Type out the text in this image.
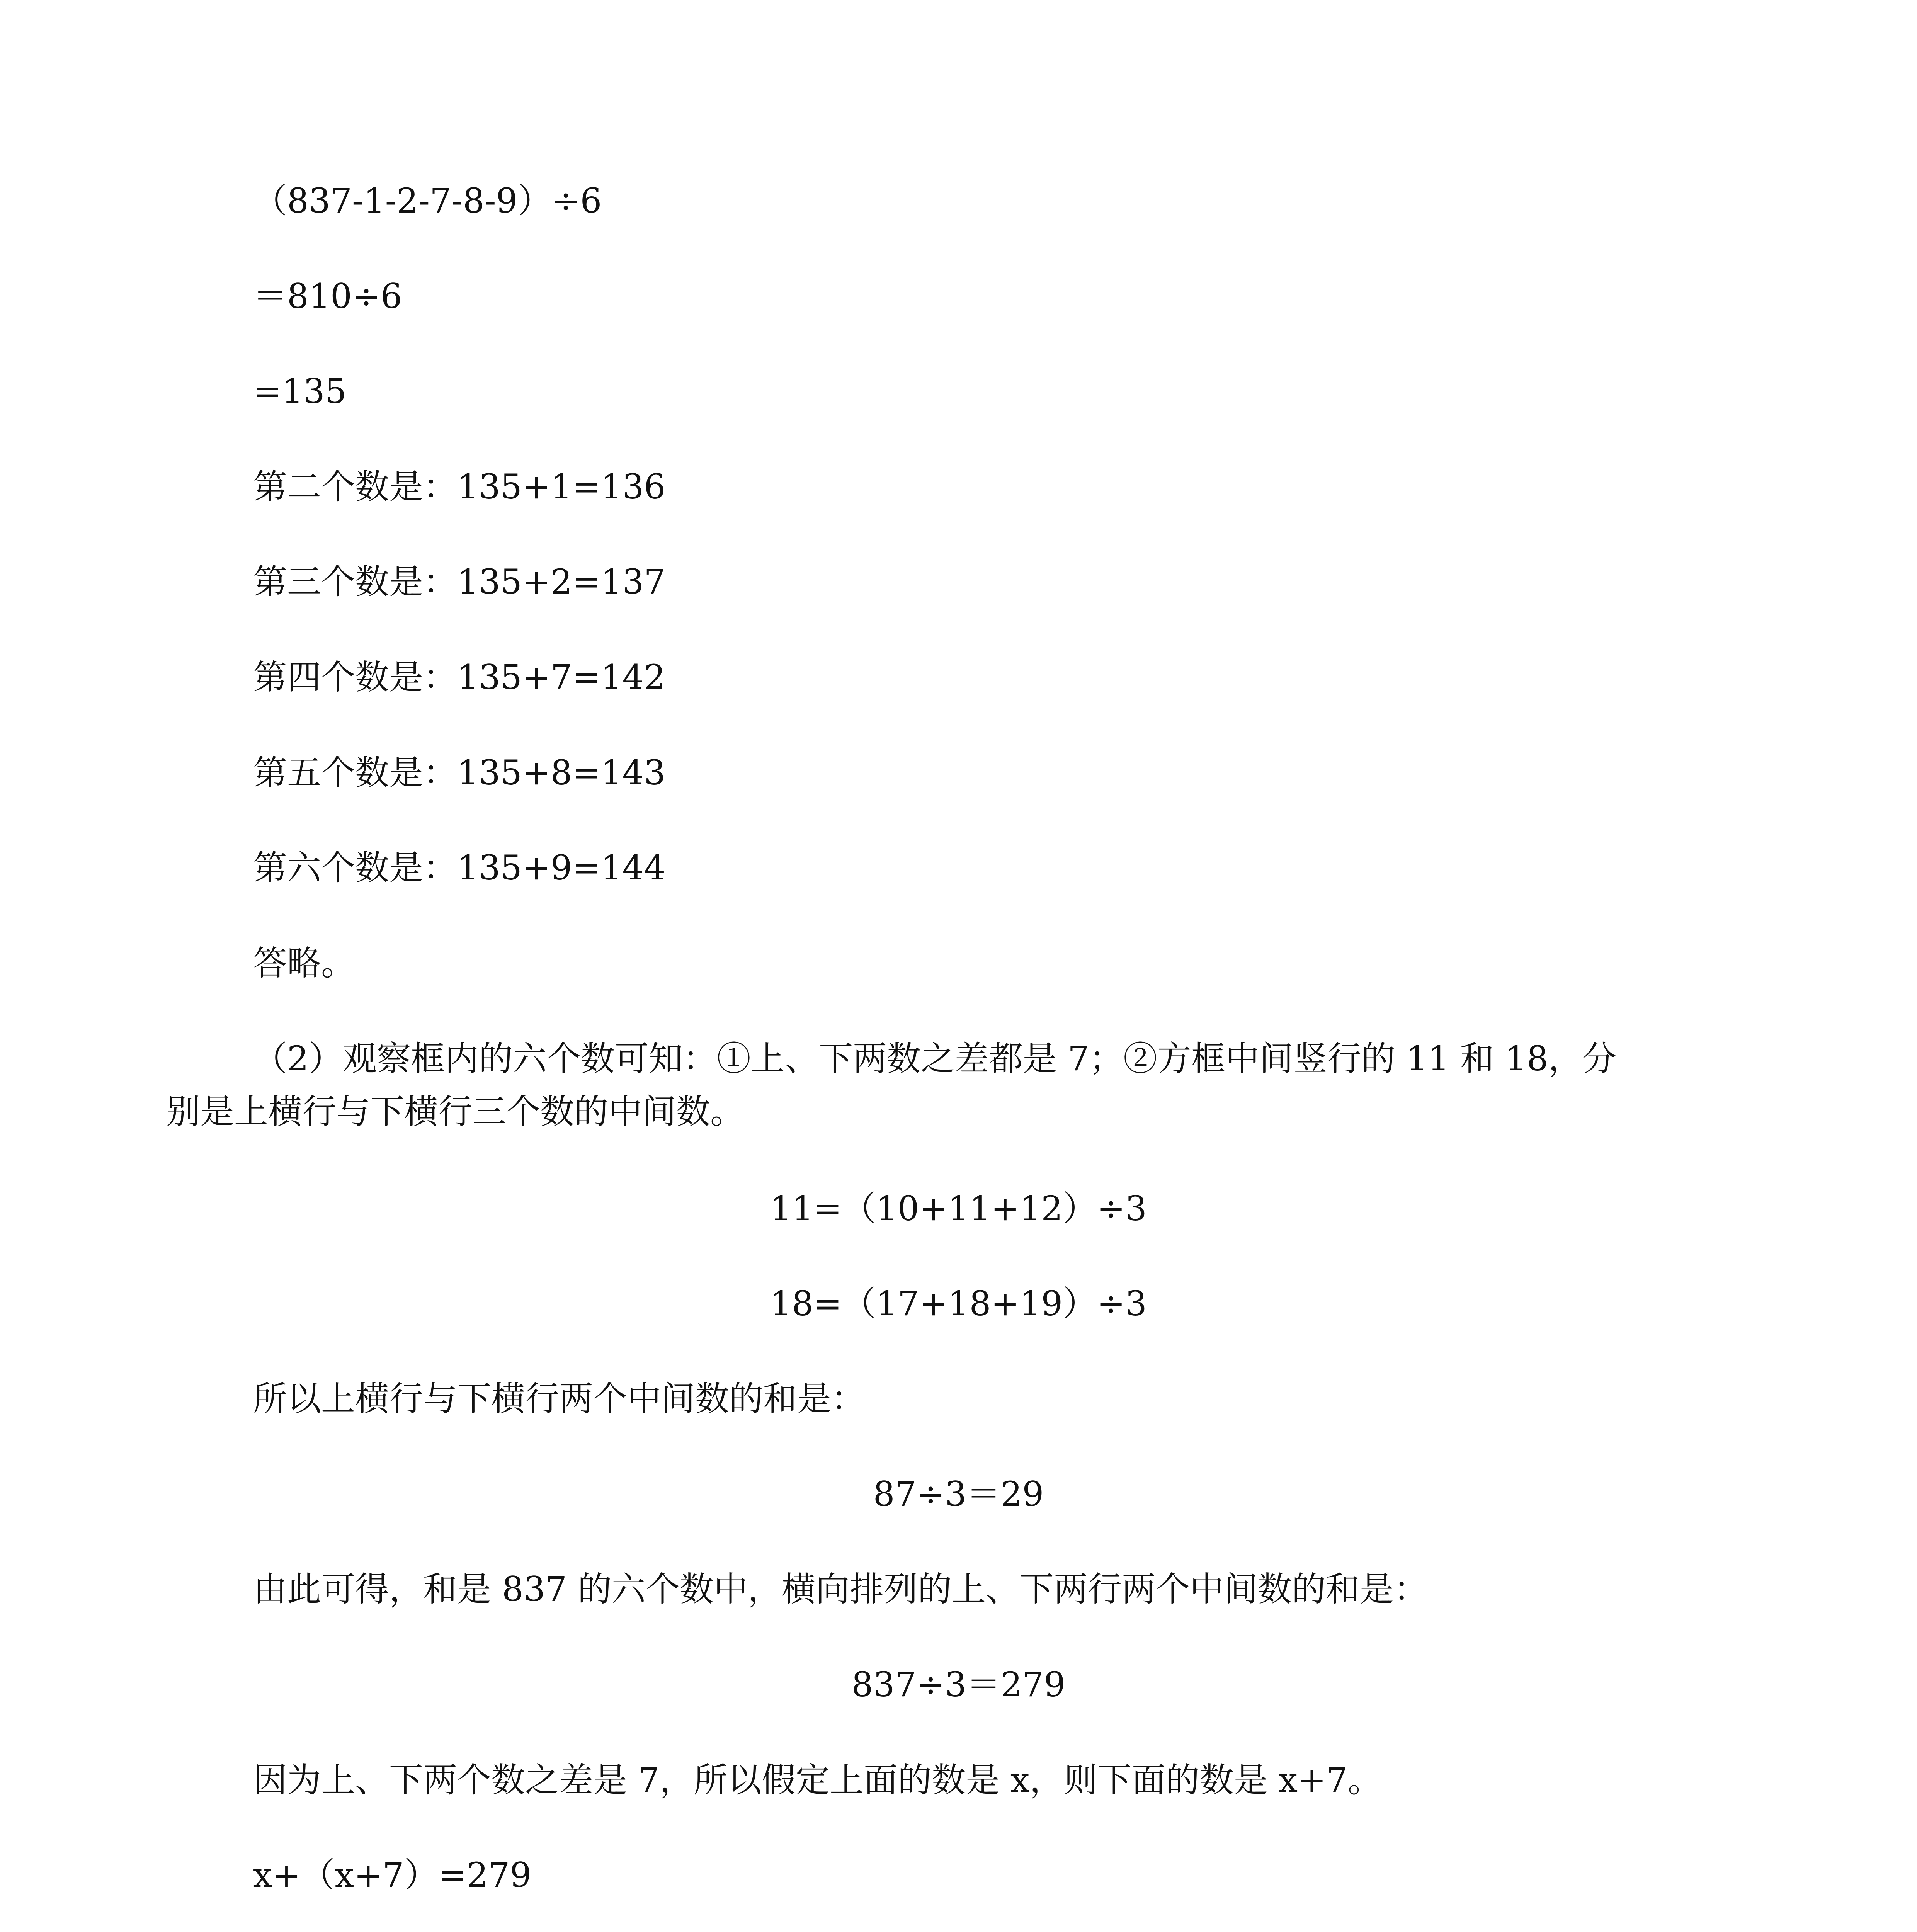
（837-1-2-7-8-9）÷6

＝810÷6

=135

第二个数是：135+1=136

第三个数是：135+2=137

第四个数是：135+7=142

第五个数是：135+8=143

第六个数是：135+9=144

答略。

（2）观察框内的六个数可知：①上、下两数之差都是 7；②方框中间竖行的 11 和 18，分

别是上横行与下横行三个数的中间数。

11=（10+11+12）÷3

18=（17+18+19）÷3

所以上横行与下横行两个中间数的和是：

87÷3＝29

由此可得，和是 837 的六个数中，横向排列的上、下两行两个中间数的和是：

837÷3＝279

因为上、下两个数之差是 7，所以假定上面的数是 x，则下面的数是 x+7。

x+（x+7）=279
